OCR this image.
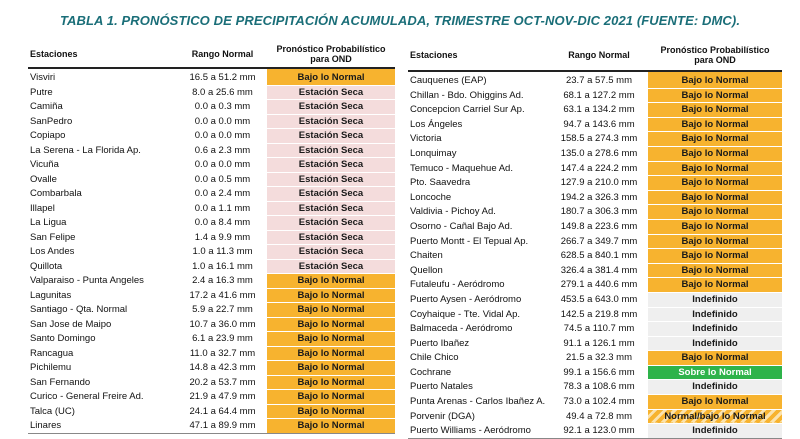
TABLA 1. PRONÓSTICO DE PRECIPITACIÓN ACUMULADA, TRIMESTRE OCT-NOV-DIC 2021 (FUENTE: DMC).
Estaciones	Rango Normal	Pronóstico Probabilístico
para OND

Visviri	16.5 a 51.2 mm	Bajo lo Normal
Putre	8.0 a 25.6 mm	Estación Seca
Camiña	0.0 a 0.3 mm	Estación Seca
SanPedro	0.0 a 0.0 mm	Estación Seca
Copiapo	0.0 a 0.0 mm	Estación Seca
La Serena - La Florida Ap.	0.6 a 2.3 mm	Estación Seca
Vicuña	0.0 a 0.0 mm	Estación Seca
Ovalle	0.0 a 0.5 mm	Estación Seca
Combarbala	0.0 a 2.4 mm	Estación Seca
Illapel	0.0 a 1.1 mm	Estación Seca
La Ligua	0.0 a 8.4 mm	Estación Seca
San Felipe	1.4 a 9.9 mm	Estación Seca
Los Andes	1.0 a 11.3 mm	Estación Seca
Quillota	1.0 a 16.1 mm	Estación Seca
Valparaiso - Punta Angeles	2.4 a 16.3 mm	Bajo lo Normal
Lagunitas	17.2 a 41.6 mm	Bajo lo Normal
Santiago - Qta. Normal	5.9 a 22.7 mm	Bajo lo Normal
San Jose de Maipo	10.7 a 36.0 mm	Bajo lo Normal
Santo Domingo	6.1 a 23.9 mm	Bajo lo Normal
Rancagua	11.0 a 32.7 mm	Bajo lo Normal
Pichilemu	14.8 a 42.3 mm	Bajo lo Normal
San Fernando	20.2 a 53.7 mm	Bajo lo Normal
Curico - General Freire Ad.	21.9 a 47.9 mm	Bajo lo Normal
Talca (UC)	24.1 a 64.4 mm	Bajo lo Normal
Linares	47.1 a 89.9 mm	Bajo lo Normal
Estaciones	Rango Normal	Pronóstico Probabilístico
para OND

Cauquenes (EAP)	23.7 a 57.5 mm	Bajo lo Normal
Chillan - Bdo. Ohiggins Ad.	68.1 a 127.2 mm	Bajo lo Normal
Concepcion Carriel Sur Ap.	63.1 a 134.2 mm	Bajo lo Normal
Los Ángeles	94.7 a 143.6 mm	Bajo lo Normal
Victoria	158.5 a 274.3 mm	Bajo lo Normal
Lonquimay	135.0 a 278.6 mm	Bajo lo Normal
Temuco - Maquehue Ad.	147.4 a 224.2 mm	Bajo lo Normal
Pto. Saavedra	127.9 a 210.0 mm	Bajo lo Normal
Loncoche	194.2 a 326.3 mm	Bajo lo Normal
Valdivia - Pichoy Ad.	180.7 a 306.3 mm	Bajo lo Normal
Osorno - Cañal Bajo Ad.	149.8 a 223.6 mm	Bajo lo Normal
Puerto Montt - El Tepual Ap.	266.7 a 349.7 mm	Bajo lo Normal
Chaiten	628.5 a 840.1 mm	Bajo lo Normal
Quellon	326.4 a 381.4 mm	Bajo lo Normal
Futaleufu - Aeródromo	279.1 a 440.6 mm	Bajo lo Normal
Puerto Aysen - Aeródromo	453.5 a 643.0 mm	Indefinido
Coyhaique - Tte. Vidal Ap.	142.5 a 219.8 mm	Indefinido
Balmaceda - Aeródromo	74.5 a 110.7 mm	Indefinido
Puerto Ibañez	91.1 a 126.1 mm	Indefinido
Chile Chico	21.5 a 32.3 mm	Bajo lo Normal
Cochrane	99.1 a 156.6 mm	Sobre lo Normal
Puerto Natales	78.3 a 108.6 mm	Indefinido
Punta Arenas - Carlos Ibañez A.	73.0 a 102.4 mm	Bajo lo Normal
Porvenir (DGA)	49.4 a 72.8 mm	Normal/bajo lo Normal
Puerto Williams - Aeródromo	92.1 a 123.0 mm	Indefinido
